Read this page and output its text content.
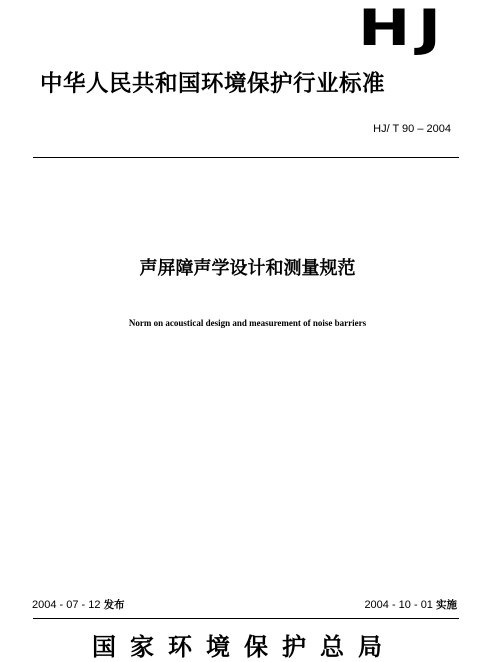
HJ
中华人民共和国环境保护行业标准
HJ/ T 90 – 2004
声屏障声学设计和测量规范
Norm on acoustical design and measurement of noise barriers
2004 - 07 - 12 发布	2004 - 10 - 01 实施
国家环境保护总局
